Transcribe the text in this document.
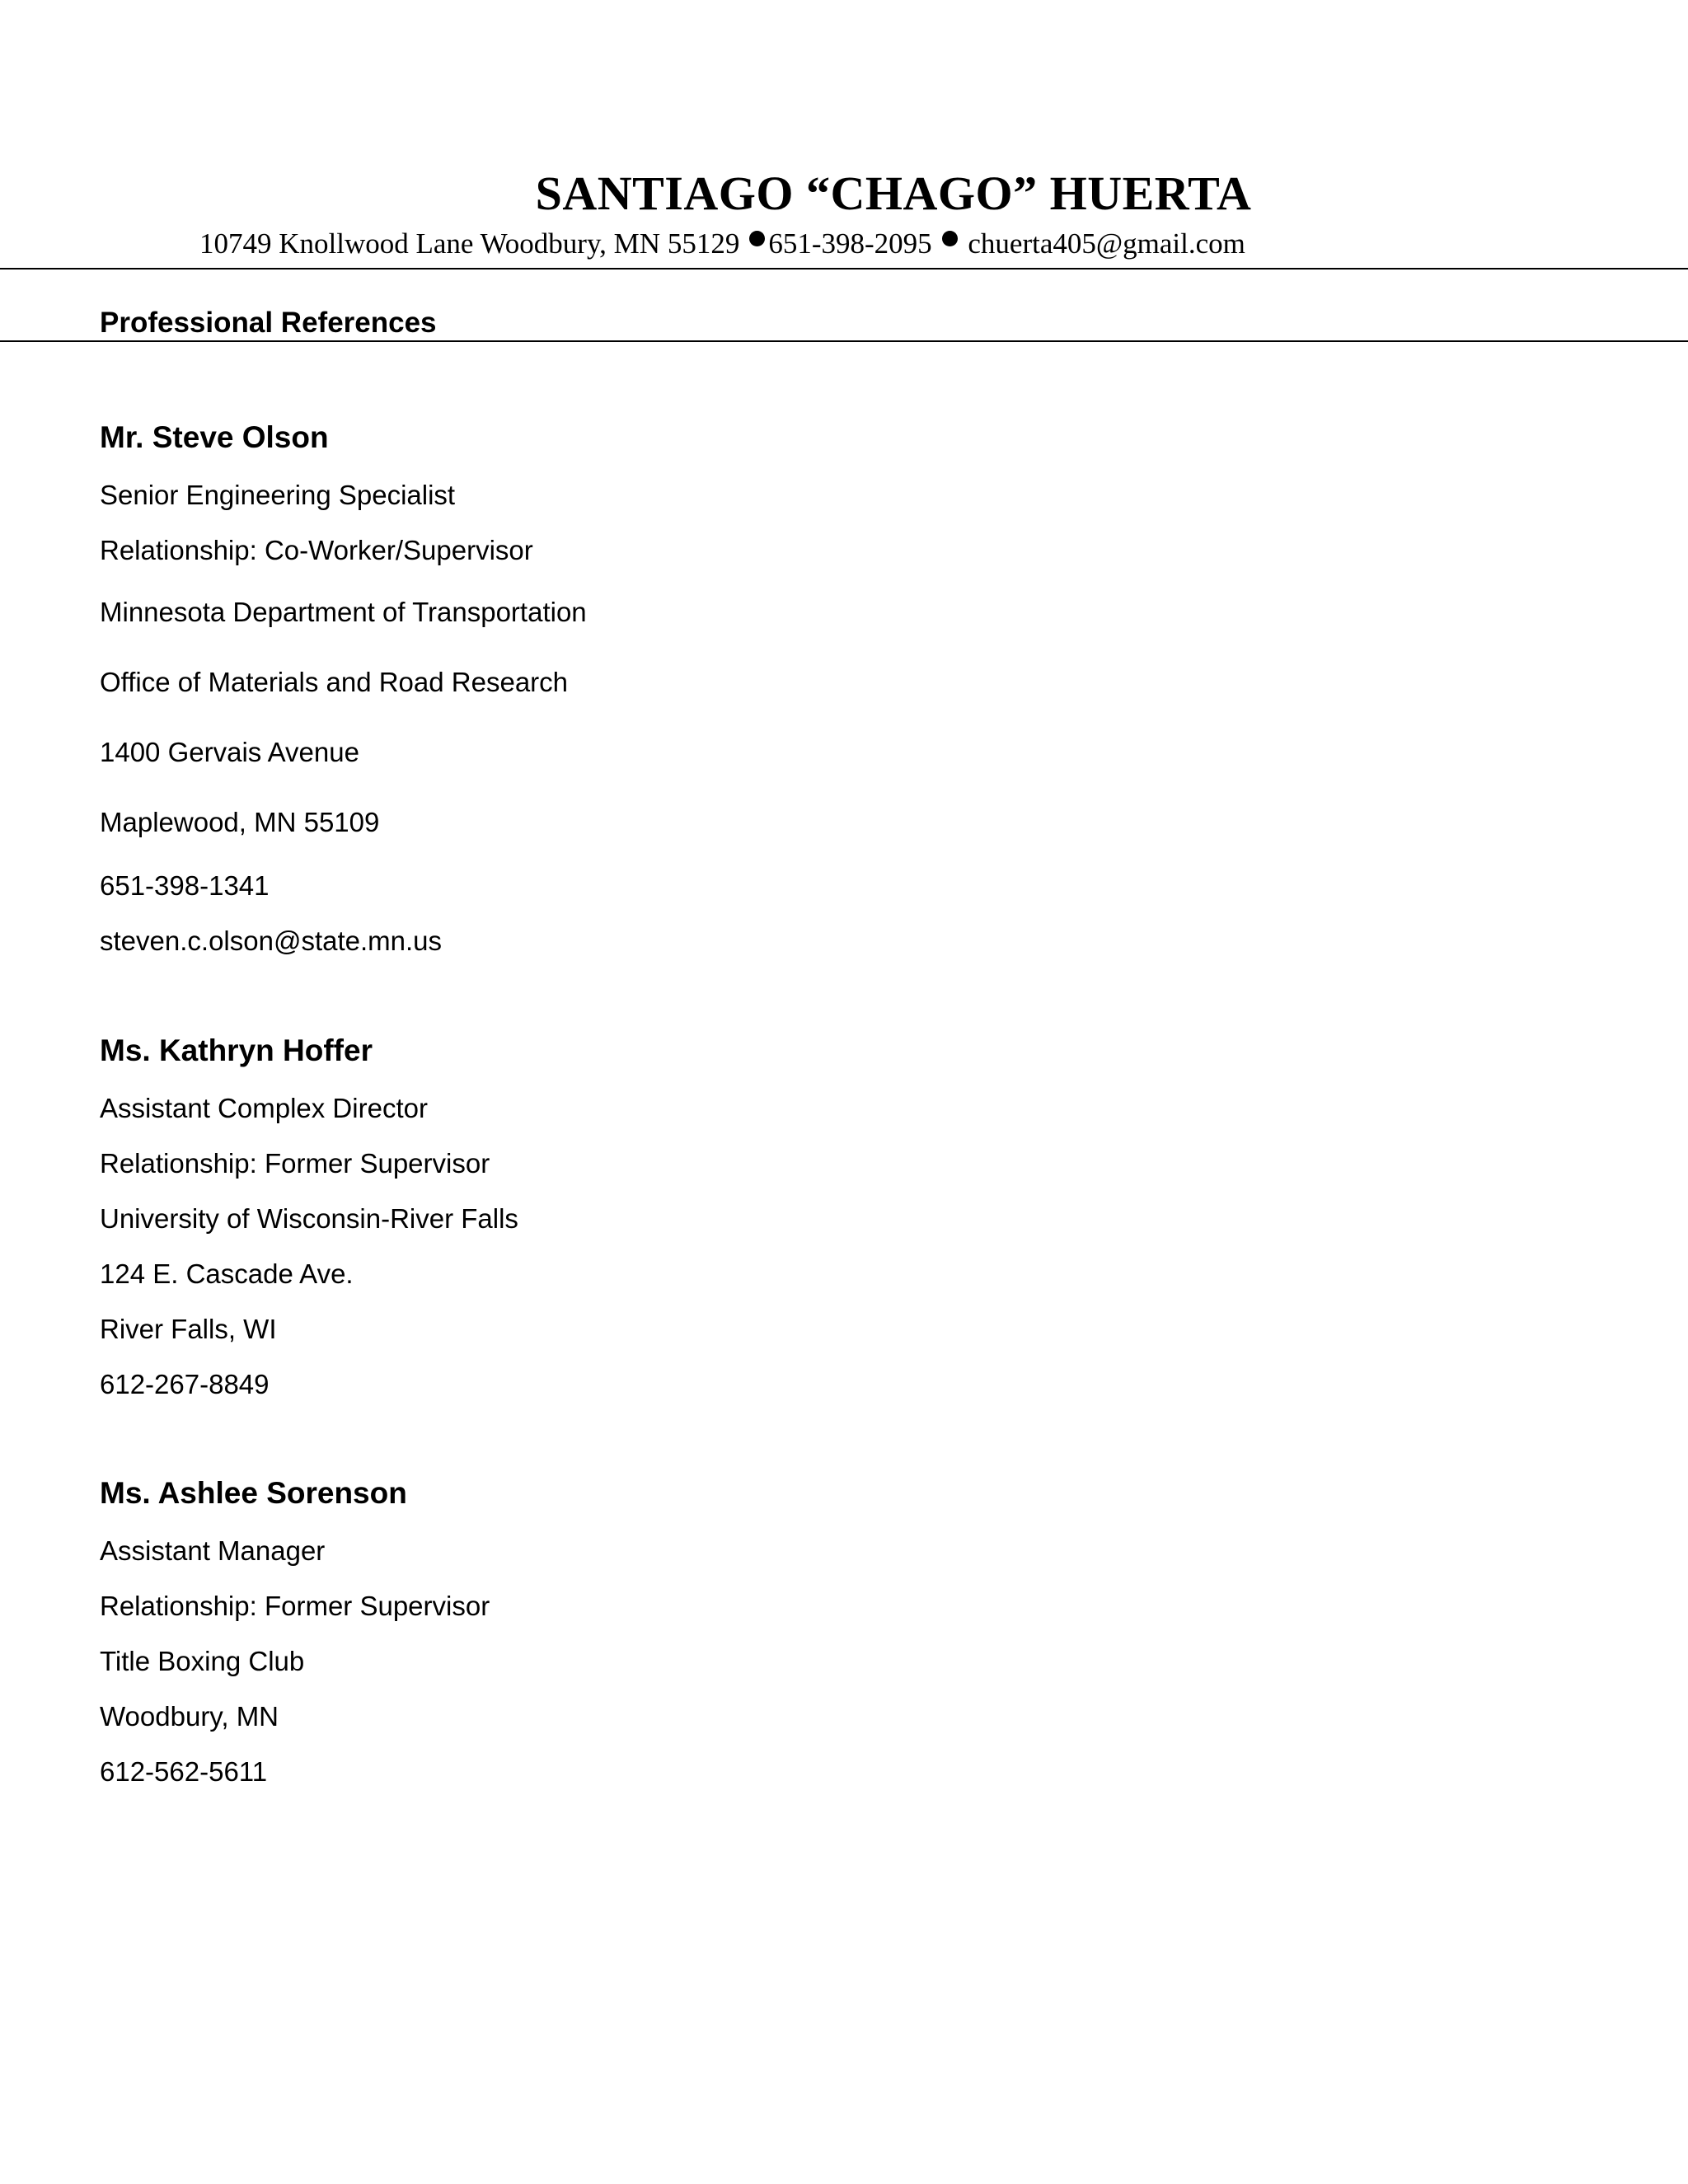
SANTIAGO “CHAGO” HUERTA
10749 Knollwood Lane Woodbury, MN 55129 651-398-2095 chuerta405@gmail.com
Professional References
Mr. Steve Olson
Senior Engineering Specialist
Relationship: Co-Worker/Supervisor
Minnesota Department of Transportation
Office of Materials and Road Research
1400 Gervais Avenue
Maplewood, MN 55109
651-398-1341
steven.c.olson@state.mn.us
Ms. Kathryn Hoffer
Assistant Complex Director
Relationship: Former Supervisor
University of Wisconsin-River Falls
124 E. Cascade Ave.
River Falls, WI
612-267-8849
Ms. Ashlee Sorenson
Assistant Manager
Relationship: Former Supervisor
Title Boxing Club
Woodbury, MN
612-562-5611
